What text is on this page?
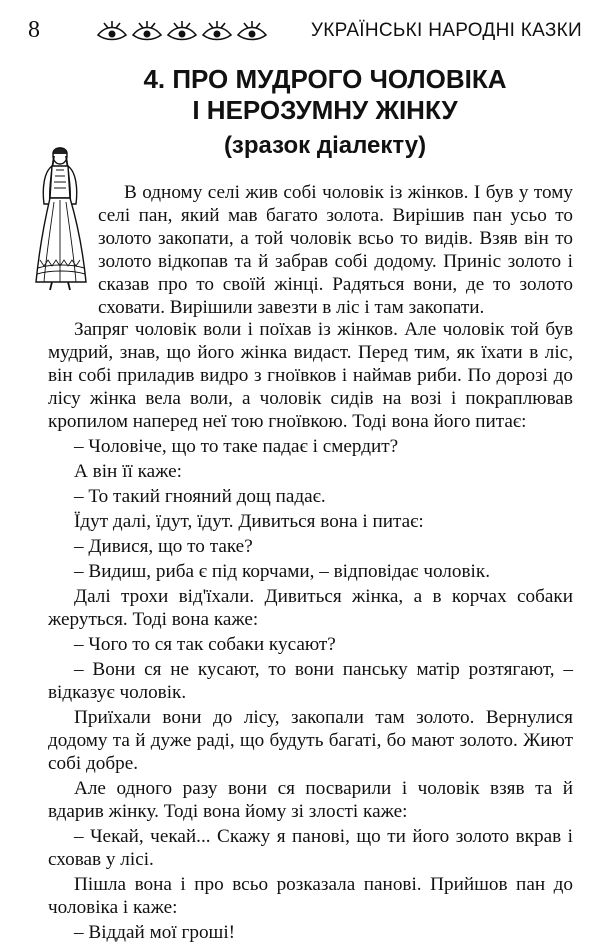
8	УКРАЇНСЬКІ НАРОДНІ КАЗКИ
4. ПРО МУДРОГО ЧОЛОВІКА
І НЕРОЗУМНУ ЖІНКУ
(зразок діалекту)

В одному селі жив собі чоловік із жінков. І був у тому селі пан, який мав багато золота. Вирішив пан усьо то золото закопати, а той чоловік всьо то видів. Взяв він то золото відкопав та й забрав собі додому. Приніс золото і сказав про то своїй жінці. Радяться вони, де то золото сховати. Вирішили завезти в ліс і там закопати.

Запряг чоловік воли і поїхав із жінков. Але чоловік той був мудрий, знав, що його жінка видаст. Перед тим, як їхати в ліс, він собі приладив видро з гноївков і наймав риби. По дорозі до лісу жінка вела воли, а чоловік сидів на возі і покраплював кропилом наперед неї тою гноївкою. Тоді вона його питає:

– Чоловіче, що то таке падає і смердит?

А він її каже:

– То такий гнояний дощ падає.

Їдут далі, їдут, їдут. Дивиться вона і питає:

– Дивися, що то таке?

– Видиш, риба є під корчами, – відповідає чоловік.

Далі трохи від'їхали. Дивиться жінка, а в корчах собаки жеруться. Тоді вона каже:

– Чого то ся так собаки кусают?

– Вони ся не кусают, то вони панську матір розтягают, – відказує чоловік.

Приїхали вони до лісу, закопали там золото. Вернулися додому та й дуже раді, що будуть багаті, бо мают золото. Жиют собі добре.

Але одного разу вони ся посварили і чоловік взяв та й вдарив жінку. Тоді вона йому зі злості каже:

– Чекай, чекай... Скажу я панові, що ти його золото вкрав і сховав у лісі.

Пішла вона і про всьо розказала панові. Прийшов пан до чоловіка і каже:

– Віддай мої гроші!
